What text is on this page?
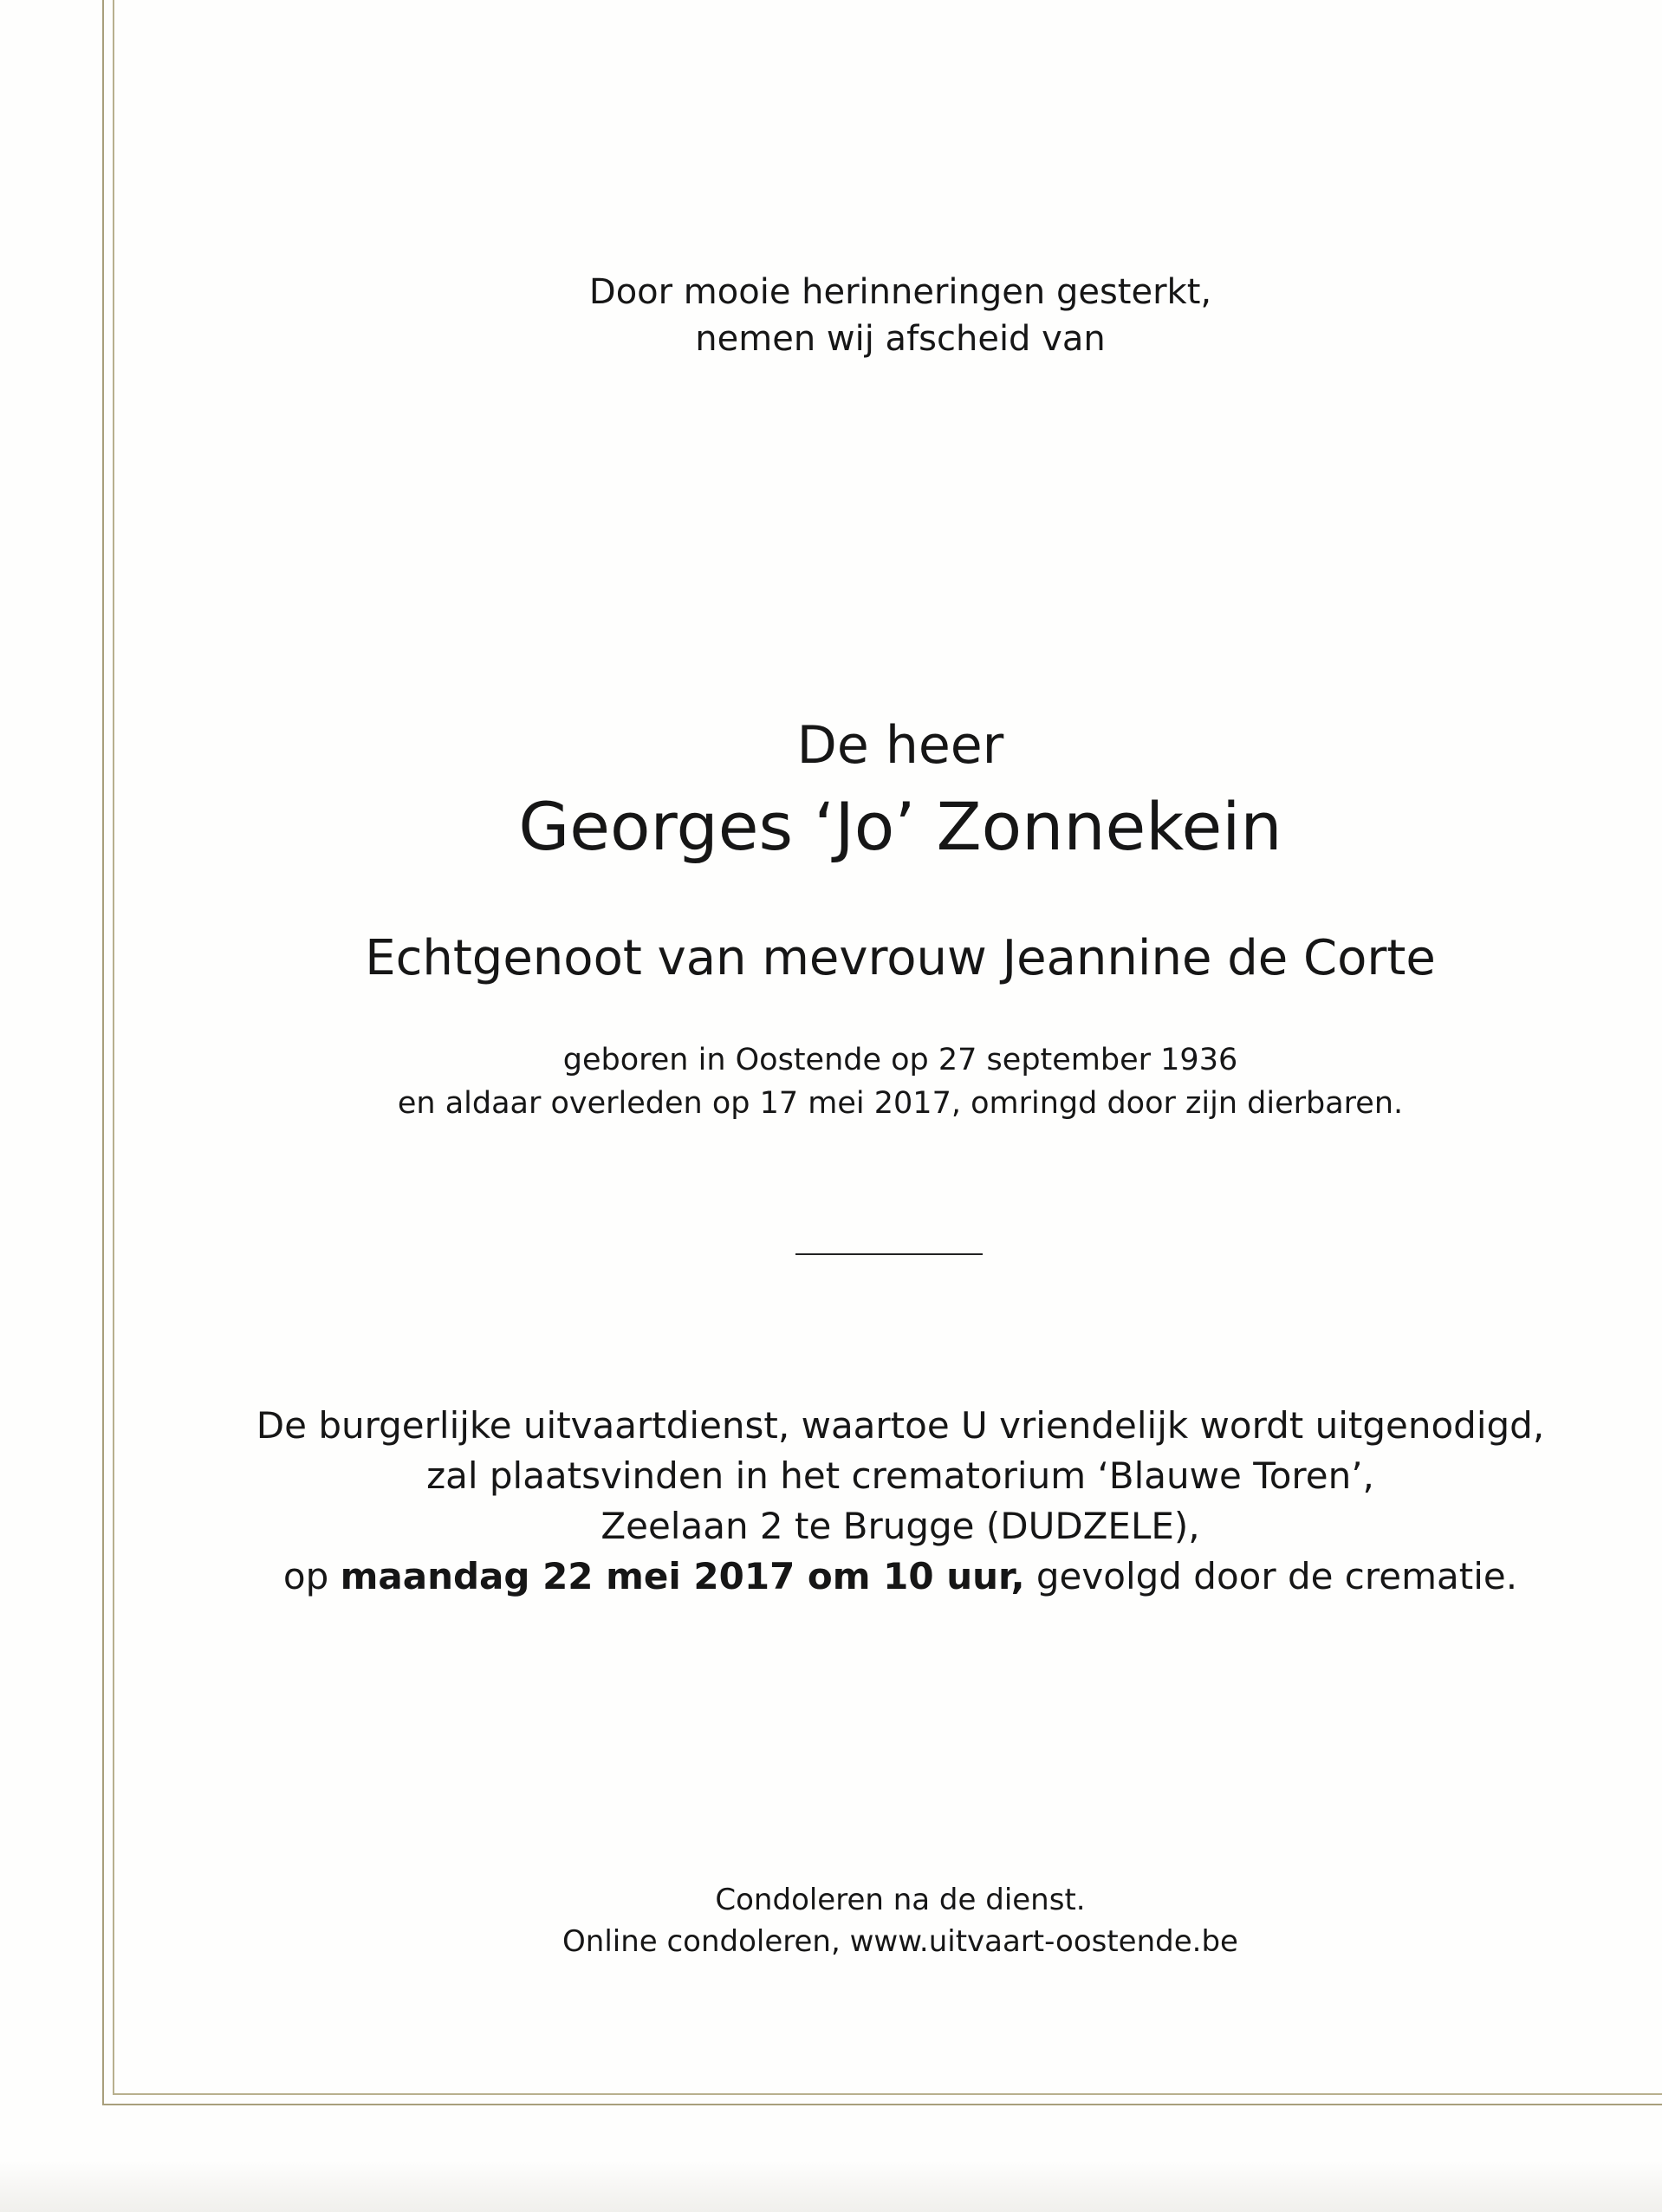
Door mooie herinneringen gesterkt,
nemen wij afscheid van
De heer
Georges ‘Jo’ Zonnekein
Echtgenoot van mevrouw Jeannine de Corte
geboren in Oostende op 27 september 1936
en aldaar overleden op 17 mei 2017, omringd door zijn dierbaren.
De burgerlijke uitvaartdienst, waartoe U vriendelijk wordt uitgenodigd,
zal plaatsvinden in het crematorium ‘Blauwe Toren’,
Zeelaan 2 te Brugge (DUDZELE),
op maandag 22 mei 2017 om 10 uur, gevolgd door de crematie.
Condoleren na de dienst.
Online condoleren, www.uitvaart-oostende.be
